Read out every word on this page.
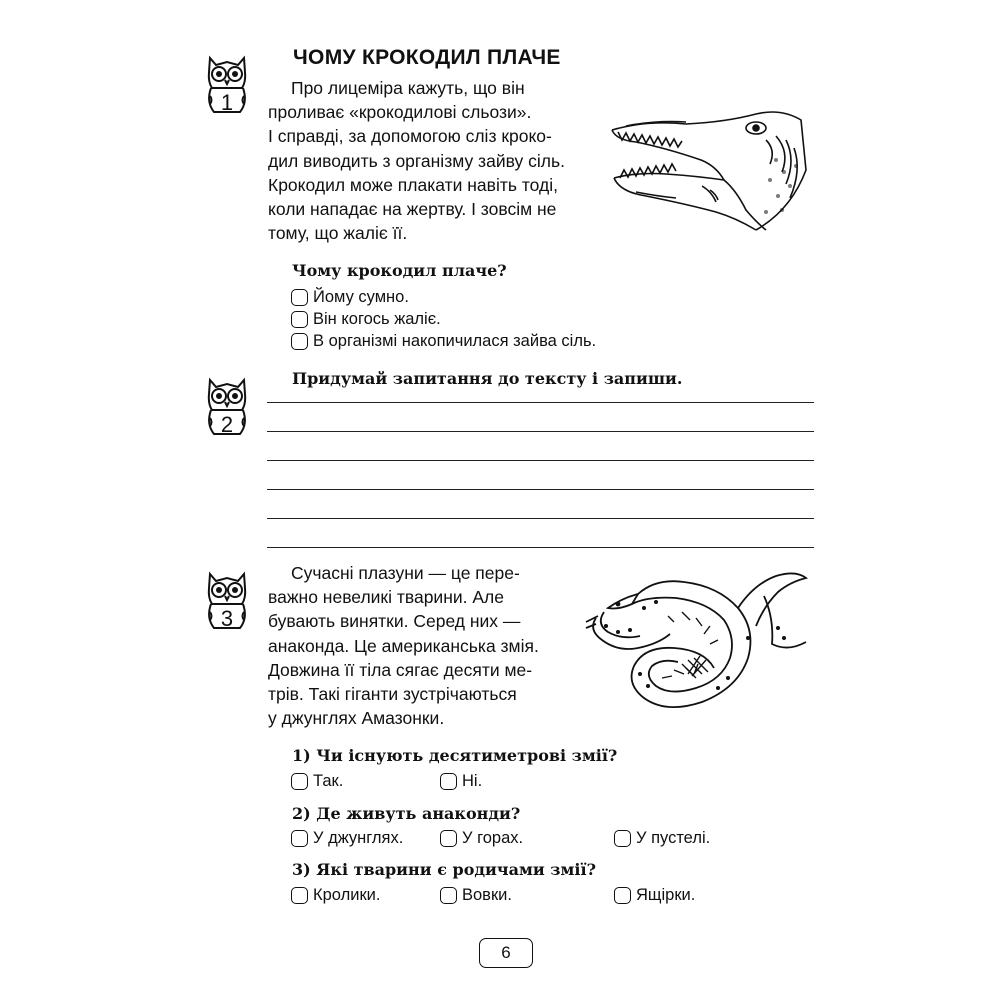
1
2
3
ЧОМУ КРОКОДИЛ ПЛАЧЕ
Про лицеміра кажуть, що він
проливає «крокодилові сльози».
І справді, за допомогою сліз кроко-
дил виводить з організму зайву сіль.
Крокодил може плакати навіть тоді,
коли нападає на жертву. І зовсім не
тому, що жаліє її.
Чому крокодил плаче?
Йому сумно.
Він когось жаліє.
В організмі накопичилася зайва сіль.
Придумай запитання до тексту і запиши.
Сучасні плазуни — це пере-
важно невеликі тварини. Але
бувають винятки. Серед них —
анаконда. Це американська змія.
Довжина її тіла сягає десяти ме-
трів. Такі гіганти зустрічаються
у джунглях Амазонки.
1) Чи існують десятиметрові змії?
Так.	Ні.
2) Де живуть анаконди?
У джунглях.	У горах.	У пустелі.
3) Які тварини є родичами змії?
Кролики.	Вовки.	Ящірки.
6
